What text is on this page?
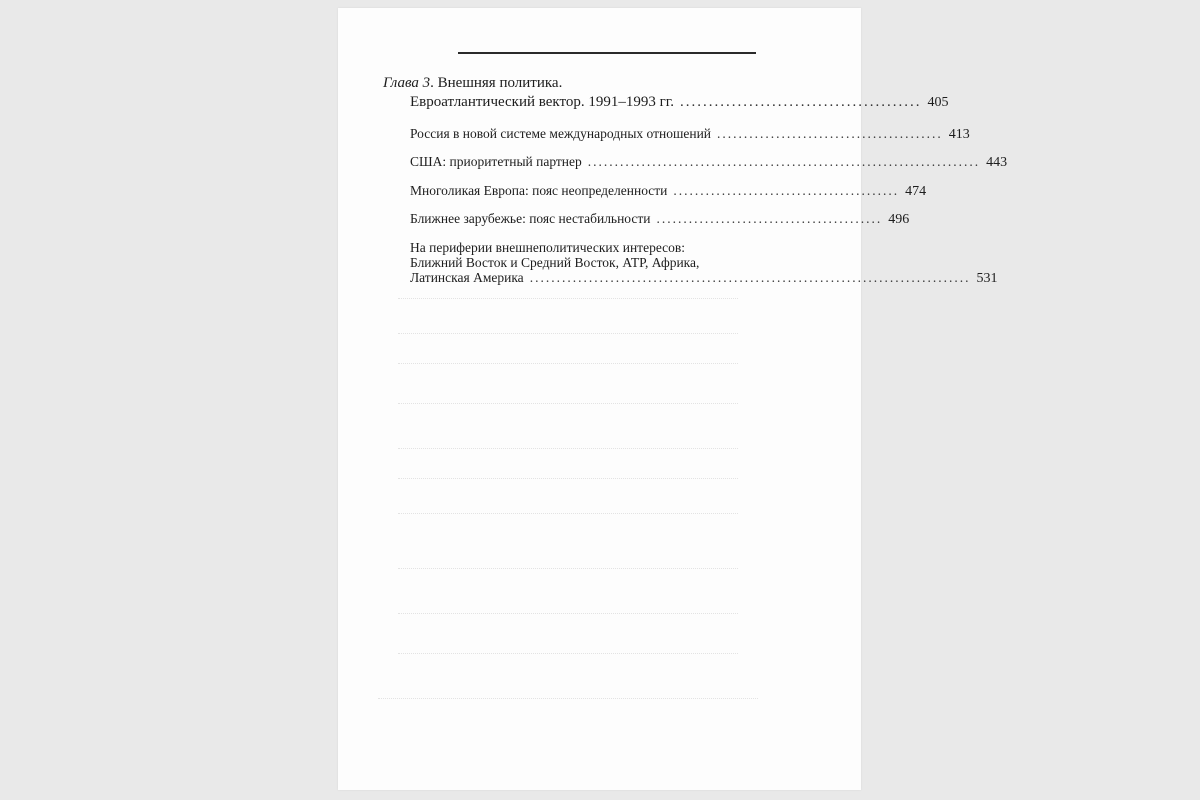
Глава 3. Внешняя политика.
Евроатлантический вектор. 1991–1993 гг. .......................................... 405
Россия в новой системе международных отношений .......................................... 413
США: приоритетный партнер ......................................................................... 443
Многоликая Европа: пояс неопределенности .......................................... 474
Ближнее зарубежье: пояс нестабильности .......................................... 496
На периферии внешнеполитических интересов:
Ближний Восток и Средний Восток, АТР, Африка,
Латинская Америка .................................................................................. 531
